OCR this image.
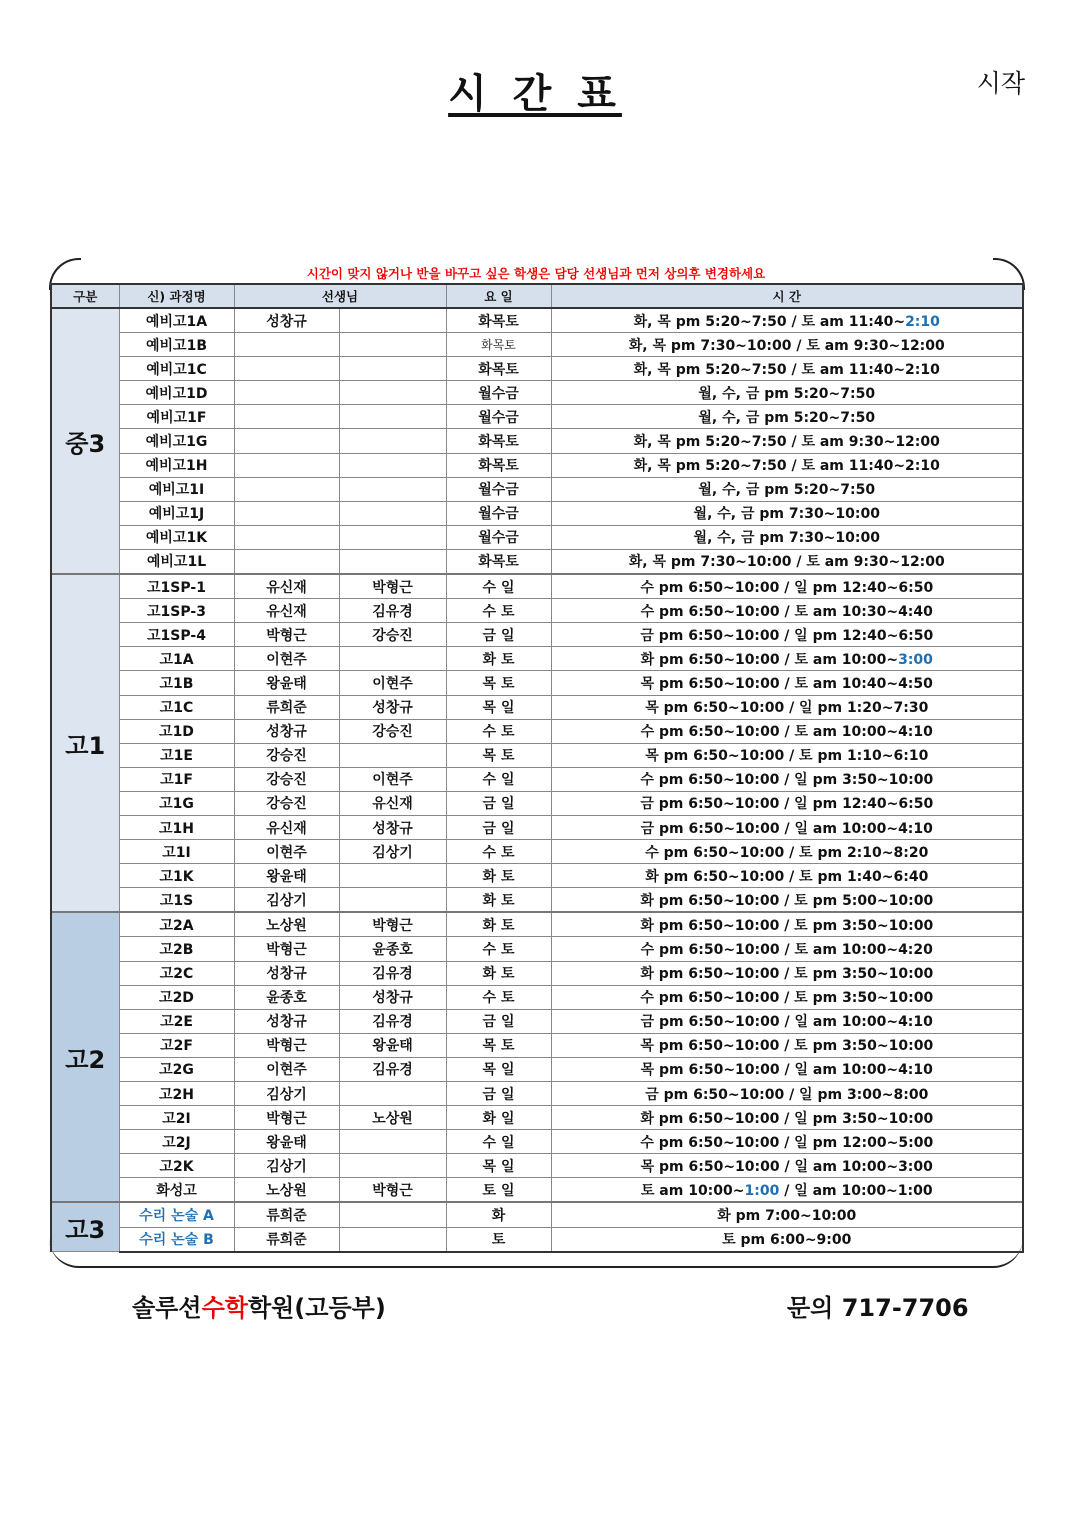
시 간 표	시작
시간이 맞지 않거나 반을 바꾸고 싶은 학생은 담당 선생님과 먼저 상의후 변경하세요
구분	신) 과정명	선생님		요 일	시 간
중3	예비고1A	성창규		화목토	화, 목 pm 5:20~7:50 / 토 am 11:40~2:10
	예비고1B			화목토	화, 목 pm 7:30~10:00 / 토 am 9:30~12:00
	예비고1C			화목토	화, 목 pm 5:20~7:50 / 토 am 11:40~2:10
	예비고1D			월수금	월, 수, 금 pm 5:20~7:50
	예비고1F			월수금	월, 수, 금 pm 5:20~7:50
	예비고1G			화목토	화, 목 pm 5:20~7:50 / 토 am 9:30~12:00
	예비고1H			화목토	화, 목 pm 5:20~7:50 / 토 am 11:40~2:10
	예비고1I			월수금	월, 수, 금 pm 5:20~7:50
	예비고1J			월수금	월, 수, 금 pm 7:30~10:00
	예비고1K			월수금	월, 수, 금 pm 7:30~10:00
	예비고1L			화목토	화, 목 pm 7:30~10:00 / 토 am 9:30~12:00
고1	고1SP-1	유신재	박형근	수 일	수 pm 6:50~10:00 / 일 pm 12:40~6:50
	고1SP-3	유신재	김유경	수 토	수 pm 6:50~10:00 / 토 am 10:30~4:40
	고1SP-4	박형근	강승진	금 일	금 pm 6:50~10:00 / 일 pm 12:40~6:50
	고1A	이현주		화 토	화 pm 6:50~10:00 / 토 am 10:00~3:00
	고1B	왕윤태	이현주	목 토	목 pm 6:50~10:00 / 토 am 10:40~4:50
	고1C	류희준	성창규	목 일	목 pm 6:50~10:00 / 일 pm 1:20~7:30
	고1D	성창규	강승진	수 토	수 pm 6:50~10:00 / 토 am 10:00~4:10
	고1E	강승진		목 토	목 pm 6:50~10:00 / 토 pm 1:10~6:10
	고1F	강승진	이현주	수 일	수 pm 6:50~10:00 / 일 pm 3:50~10:00
	고1G	강승진	유신재	금 일	금 pm 6:50~10:00 / 일 pm 12:40~6:50
	고1H	유신재	성창규	금 일	금 pm 6:50~10:00 / 일 am 10:00~4:10
	고1I	이현주	김상기	수 토	수 pm 6:50~10:00 / 토 pm 2:10~8:20
	고1K	왕윤태		화 토	화 pm 6:50~10:00 / 토 pm 1:40~6:40
	고1S	김상기		화 토	화 pm 6:50~10:00 / 토 pm 5:00~10:00
고2	고2A	노상원	박형근	화 토	화 pm 6:50~10:00 / 토 pm 3:50~10:00
	고2B	박형근	윤종호	수 토	수 pm 6:50~10:00 / 토 am 10:00~4:20
	고2C	성창규	김유경	화 토	화 pm 6:50~10:00 / 토 pm 3:50~10:00
	고2D	윤종호	성창규	수 토	수 pm 6:50~10:00 / 토 pm 3:50~10:00
	고2E	성창규	김유경	금 일	금 pm 6:50~10:00 / 일 am 10:00~4:10
	고2F	박형근	왕윤태	목 토	목 pm 6:50~10:00 / 토 pm 3:50~10:00
	고2G	이현주	김유경	목 일	목 pm 6:50~10:00 / 일 am 10:00~4:10
	고2H	김상기		금 일	금 pm 6:50~10:00 / 일 pm 3:00~8:00
	고2I	박형근	노상원	화 일	화 pm 6:50~10:00 / 일 pm 3:50~10:00
	고2J	왕윤태		수 일	수 pm 6:50~10:00 / 일 pm 12:00~5:00
	고2K	김상기		목 일	목 pm 6:50~10:00 / 일 am 10:00~3:00
	화성고	노상원	박형근	토 일	토 am 10:00~1:00 / 일 am 10:00~1:00
고3	수리 논술 A	류희준		화	화 pm 7:00~10:00
	수리 논술 B	류희준		토	토 pm 6:00~9:00
솔루션수학학원(고등부)	문의 717-7706
